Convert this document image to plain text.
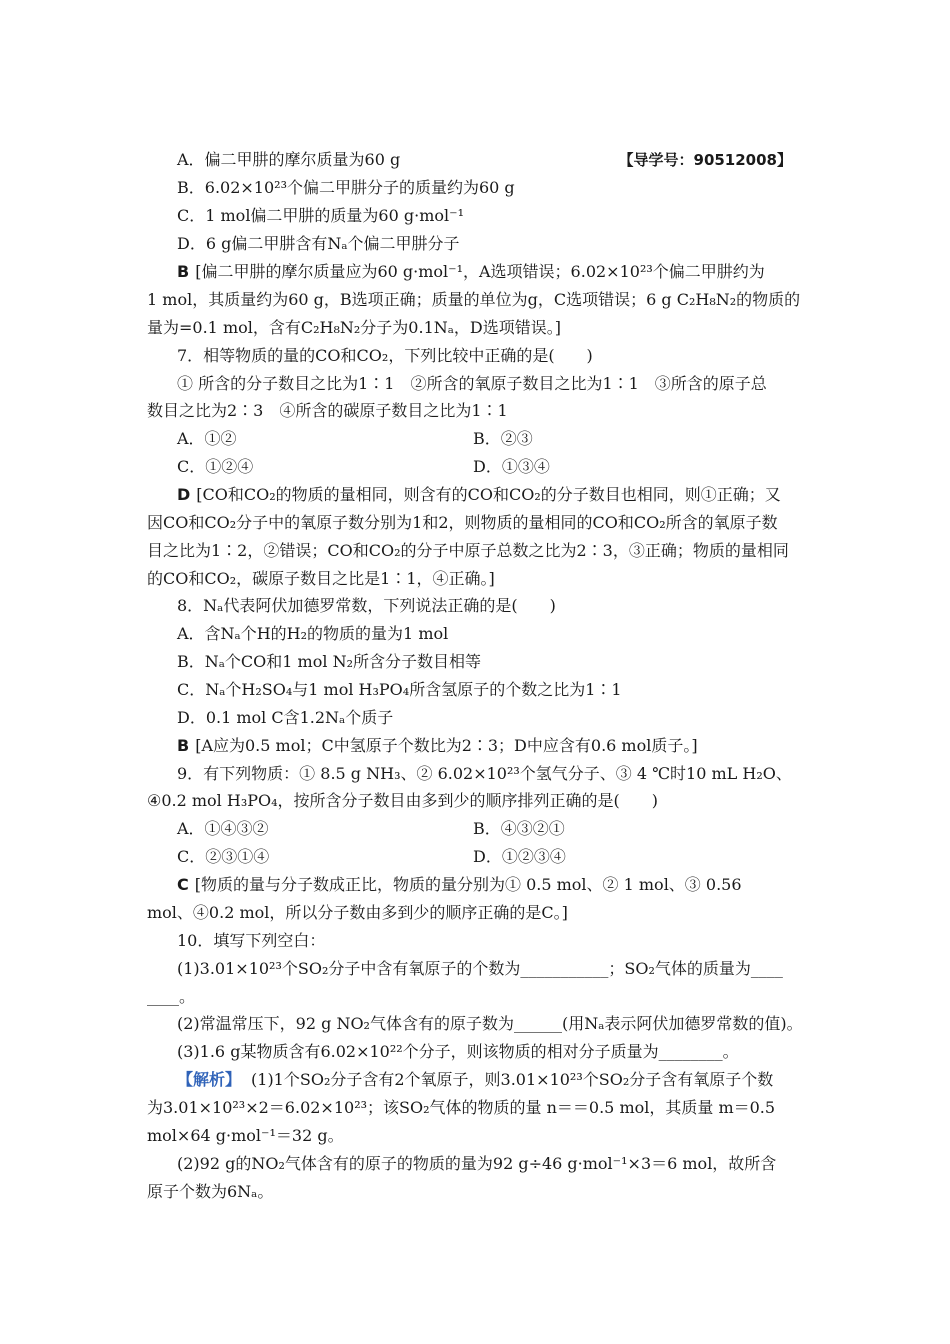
【导学号：90512008】
A．偏二甲肼的摩尔质量为60 g
B．6.02×10²³个偏二甲肼分子的质量约为60 g
C．1 mol偏二甲肼的质量为60 g·mol⁻¹
D．6 g偏二甲肼含有Nₐ个偏二甲肼分子
B [偏二甲肼的摩尔质量应为60 g·mol⁻¹，A选项错误；6.02×10²³个偏二甲肼约为
1 mol，其质量约为60 g，B选项正确；质量的单位为g，C选项错误；6 g C₂H₈N₂的物质的
量为=0.1 mol，含有C₂H₈N₂分子为0.1Nₐ，D选项错误。]
7．相等物质的量的CO和CO₂，下列比较中正确的是(　　)
① 所含的分子数目之比为1∶1　②所含的氧原子数目之比为1∶1　③所含的原子总
数目之比为2∶3　④所含的碳原子数目之比为1∶1
A．①②	B．②③
C．①②④	D．①③④
D [CO和CO₂的物质的量相同，则含有的CO和CO₂的分子数目也相同，则①正确；又
因CO和CO₂分子中的氧原子数分别为1和2，则物质的量相同的CO和CO₂所含的氧原子数
目之比为1∶2，②错误；CO和CO₂的分子中原子总数之比为2∶3，③正确；物质的量相同
的CO和CO₂，碳原子数目之比是1∶1，④正确。]
8．Nₐ代表阿伏加德罗常数，下列说法正确的是(　　)
A．含Nₐ个H的H₂的物质的量为1 mol
B．Nₐ个CO和1 mol N₂所含分子数目相等
C．Nₐ个H₂SO₄与1 mol H₃PO₄所含氢原子的个数之比为1∶1
D．0.1 mol C含1.2Nₐ个质子
B [A应为0.5 mol；C中氢原子个数比为2∶3；D中应含有0.6 mol质子。]
9．有下列物质：① 8.5 g NH₃、② 6.02×10²³个氢气分子、③ 4 ℃时10 mL H₂O、
④0.2 mol H₃PO₄，按所含分子数目由多到少的顺序排列正确的是(　　)
A．①④③②	B．④③②①
C．②③①④	D．①②③④
C [物质的量与分子数成正比，物质的量分别为① 0.5 mol、② 1 mol、③ 0.56
mol、④0.2 mol，所以分子数由多到少的顺序正确的是C。]
10．填写下列空白：
(1)3.01×10²³个SO₂分子中含有氧原子的个数为___________；SO₂气体的质量为____
____。
(2)常温常压下，92 g NO₂气体含有的原子数为______(用Nₐ表示阿伏加德罗常数的值)。
(3)1.6 g某物质含有6.02×10²²个分子，则该物质的相对分子质量为________。
【解析】 (1)1个SO₂分子含有2个氧原子，则3.01×10²³个SO₂分子含有氧原子个数
为3.01×10²³×2＝6.02×10²³；该SO₂气体的物质的量 n＝＝0.5 mol，其质量 m＝0.5
mol×64 g·mol⁻¹＝32 g。
(2)92 g的NO₂气体含有的原子的物质的量为92 g÷46 g·mol⁻¹×3＝6 mol，故所含
原子个数为6Nₐ。
